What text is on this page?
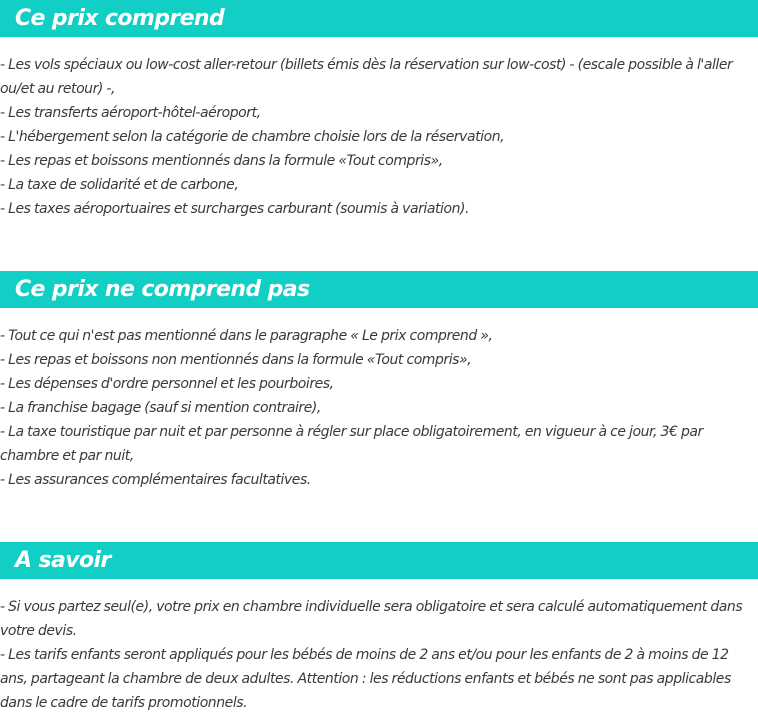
Ce prix comprend
- Les vols spéciaux ou low-cost aller-retour (billets émis dès la réservation sur low-cost) - (escale possible à l'aller ou/et au retour) -,
- Les transferts aéroport-hôtel-aéroport,
- L'hébergement selon la catégorie de chambre choisie lors de la réservation,
- Les repas et boissons mentionnés dans la formule «Tout compris»,
- La taxe de solidarité et de carbone,
- Les taxes aéroportuaires et surcharges carburant (soumis à variation).
Ce prix ne comprend pas
- Tout ce qui n'est pas mentionné dans le paragraphe « Le prix comprend »,
- Les repas et boissons non mentionnés dans la formule «Tout compris»,
- Les dépenses d'ordre personnel et les pourboires,
- La franchise bagage (sauf si mention contraire),
- La taxe touristique par nuit et par personne à régler sur place obligatoirement, en vigueur à ce jour, 3€ par chambre et par nuit,
- Les assurances complémentaires facultatives.
A savoir
- Si vous partez seul(e), votre prix en chambre individuelle sera obligatoire et sera calculé automatiquement dans votre devis.
- Les tarifs enfants seront appliqués pour les bébés de moins de 2 ans et/ou pour les enfants de 2 à moins de 12 ans, partageant la chambre de deux adultes. Attention : les réductions enfants et bébés ne sont pas applicables dans le cadre de tarifs promotionnels.
